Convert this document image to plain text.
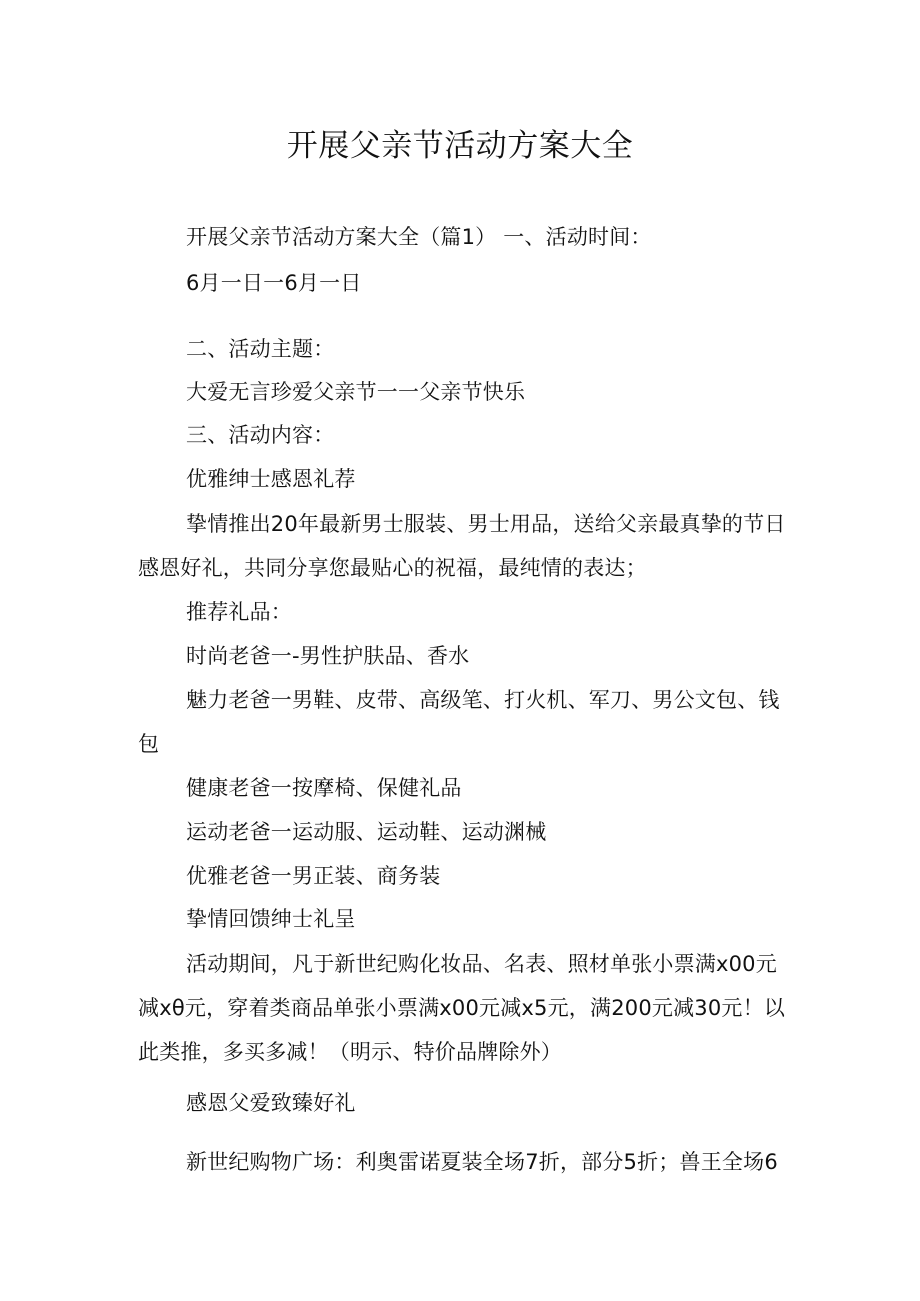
开展父亲节活动方案大全
开展父亲节活动方案大全（篇1） 一、活动时间：
6月一日一6月一日
二、活动主题：
大爱无言珍爱父亲节一一父亲节快乐
三、活动内容：
优雅绅士感恩礼荐
挚情推出20年最新男士服装、男士用品，送给父亲最真挚的节日
感恩好礼，共同分享您最贴心的祝福，最纯情的表达；
推荐礼品：
时尚老爸一-男性护肤品、香水
魅力老爸一男鞋、皮带、高级笔、打火机、军刀、男公文包、钱
包
健康老爸一按摩椅、保健礼品
运动老爸一运动服、运动鞋、运动渊械
优雅老爸一男正装、商务装
挚情回馈绅士礼呈
活动期间，凡于新世纪购化妆品、名表、照材单张小票满x00元
减xθ元，穿着类商品单张小票满x00元减x5元，满200元减30元！以
此类推，多买多减！（明示、特价品牌除外）
感恩父爱致臻好礼
新世纪购物广场：利奥雷诺夏装全场7折，部分5折；兽王全场6
